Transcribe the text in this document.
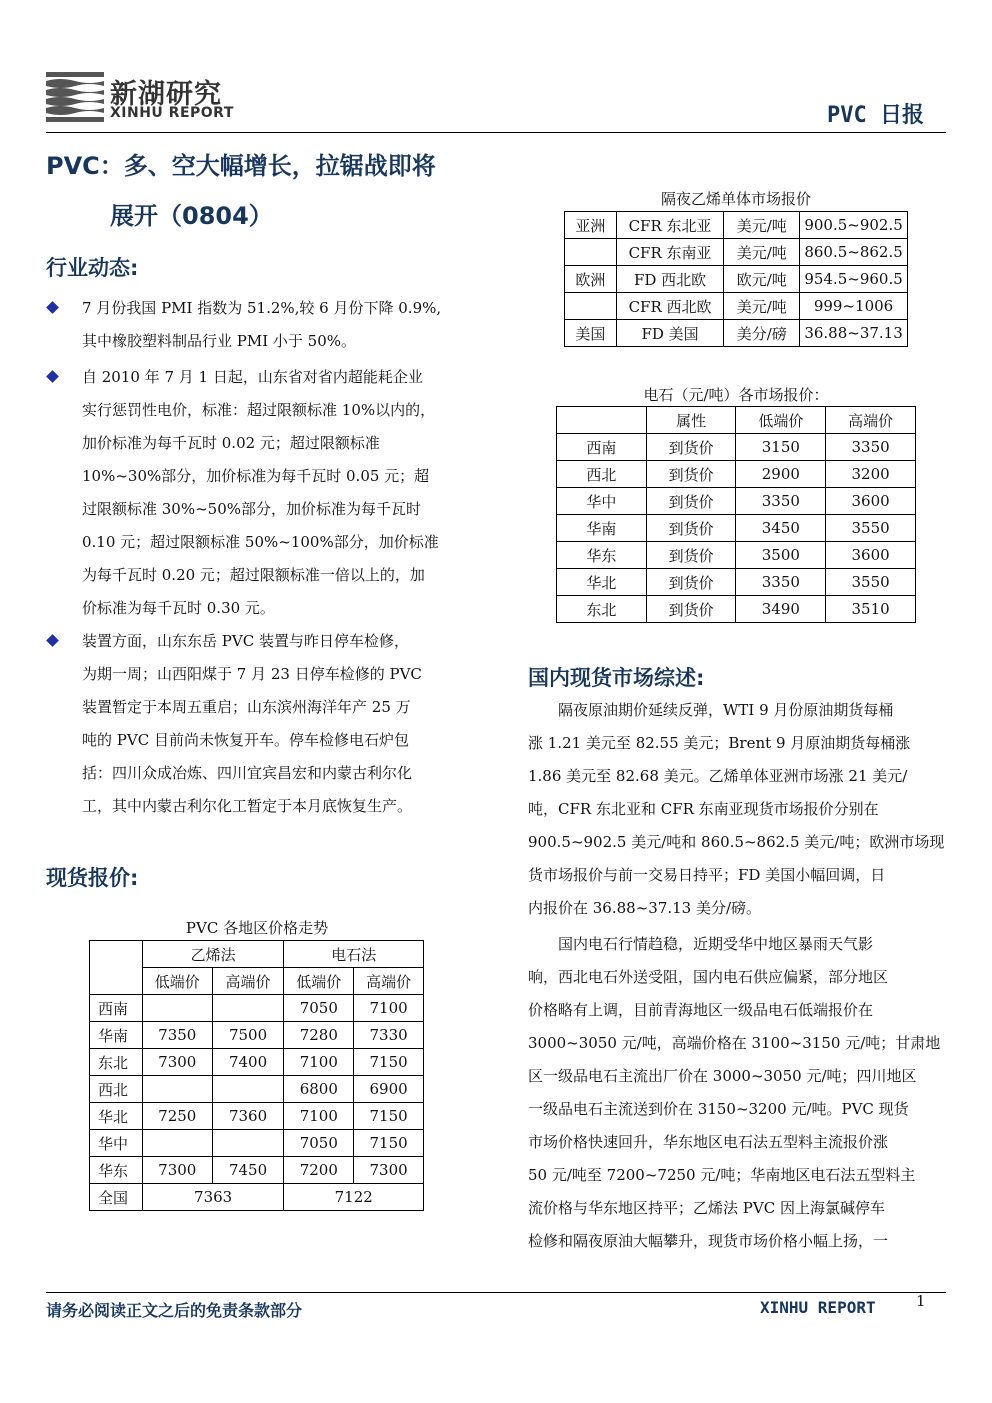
新湖研究
XINHU REPORT	PVC 日报
PVC：多、空大幅增长，拉锯战即将
展开（0804）
行业动态:
7 月份我国 PMI 指数为 51.2%,较 6 月份下降 0.9%,
其中橡胶塑料制品行业 PMI 小于 50%。
自 2010 年 7 月 1 日起，山东省对省内超能耗企业
实行惩罚性电价，标准：超过限额标准 10%以内的，
加价标准为每千瓦时 0.02 元；超过限额标准
10%~30%部分，加价标准为每千瓦时 0.05 元；超
过限额标准 30%~50%部分，加价标准为每千瓦时
0.10 元；超过限额标准 50%~100%部分，加价标准
为每千瓦时 0.20 元；超过限额标准一倍以上的，加
价标准为每千瓦时 0.30 元。
装置方面，山东东岳 PVC 装置与昨日停车检修，
为期一周；山西阳煤于 7 月 23 日停车检修的 PVC
装置暂定于本周五重启；山东滨州海洋年产 25 万
吨的 PVC 目前尚未恢复开车。停车检修电石炉包
括：四川众成冶炼、四川宜宾昌宏和内蒙古利尔化
工，其中内蒙古利尔化工暂定于本月底恢复生产。
现货报价:
PVC 各地区价格走势
	乙烯法		电石法	
	低端价	高端价	低端价	高端价
西南			7050	7100
华南	7350	7500	7280	7330
东北	7300	7400	7100	7150
西北			6800	6900
华北	7250	7360	7100	7150
华中			7050	7150
华东	7300	7450	7200	7300
全国	7363		7122	
隔夜乙烯单体市场报价
亚洲	CFR 东北亚	美元/吨	900.5~902.5
	CFR 东南亚	美元/吨	860.5~862.5
欧洲	FD 西北欧	欧元/吨	954.5~960.5
	CFR 西北欧	美元/吨	999~1006
美国	FD 美国	美分/磅	36.88~37.13
电石（元/吨）各市场报价：
	属性	低端价	高端价
西南	到货价	3150	3350
西北	到货价	2900	3200
华中	到货价	3350	3600
华南	到货价	3450	3550
华东	到货价	3500	3600
华北	到货价	3350	3550
东北	到货价	3490	3510
国内现货市场综述:
　　隔夜原油期价延续反弹，WTI 9 月份原油期货每桶
涨 1.21 美元至 82.55 美元；Brent 9 月原油期货每桶涨
1.86 美元至 82.68 美元。乙烯单体亚洲市场涨 21 美元/
吨，CFR 东北亚和 CFR 东南亚现货市场报价分别在
900.5~902.5 美元/吨和 860.5~862.5 美元/吨；欧洲市场现
货市场报价与前一交易日持平；FD 美国小幅回调，日
内报价在 36.88~37.13 美分/磅。
　　国内电石行情趋稳，近期受华中地区暴雨天气影
响，西北电石外送受阻，国内电石供应偏紧，部分地区
价格略有上调，目前青海地区一级品电石低端报价在
3000~3050 元/吨，高端价格在 3100~3150 元/吨；甘肃地
区一级品电石主流出厂价在 3000~3050 元/吨；四川地区
一级品电石主流送到价在 3150~3200 元/吨。PVC 现货
市场价格快速回升，华东地区电石法五型料主流报价涨
50 元/吨至 7200~7250 元/吨；华南地区电石法五型料主
流价格与华东地区持平；乙烯法 PVC 因上海氯碱停车
检修和隔夜原油大幅攀升，现货市场价格小幅上扬，一
请务必阅读正文之后的免责条款部分	XINHU REPORT	1
